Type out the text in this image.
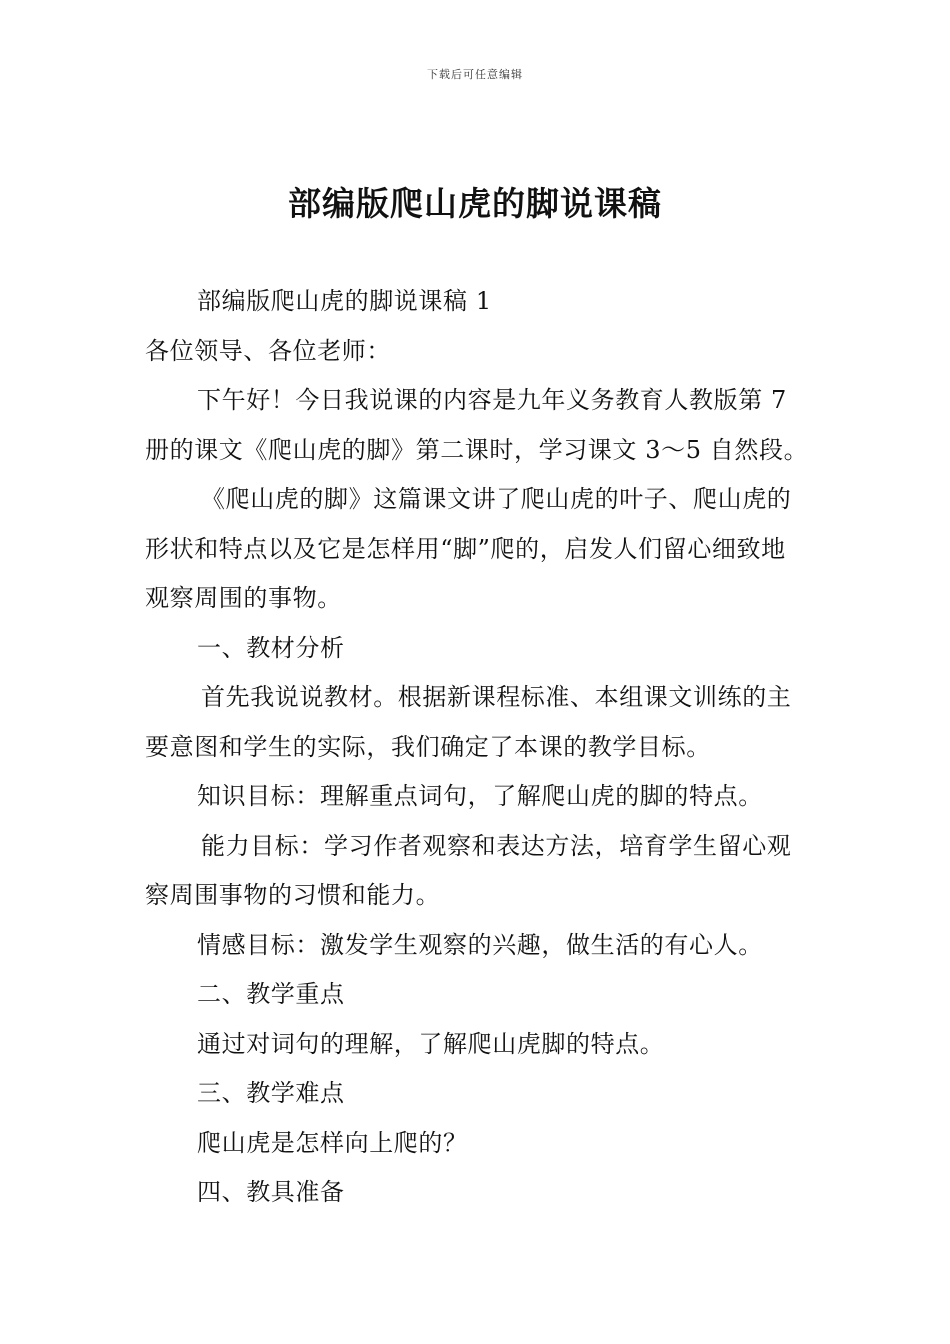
下载后可任意编辑
部编版爬山虎的脚说课稿

部编版爬山虎的脚说课稿 1

各位领导、各位老师：

下午好！今日我说课的内容是九年义务教育人教版第 7 册的课文《爬山虎的脚》第二课时，学习课文 3～5 自然段。

《爬山虎的脚》这篇课文讲了爬山虎的叶子、爬山虎的形状和特点以及它是怎样用“脚”爬的，启发人们留心细致地观察周围的事物。

一、教材分析

首先我说说教材。根据新课程标准、本组课文训练的主要意图和学生的实际，我们确定了本课的教学目标。

知识目标：理解重点词句，了解爬山虎的脚的特点。

能力目标：学习作者观察和表达方法，培育学生留心观察周围事物的习惯和能力。

情感目标：激发学生观察的兴趣，做生活的有心人。

二、教学重点

通过对词句的理解，了解爬山虎脚的特点。

三、教学难点

爬山虎是怎样向上爬的？

四、教具准备
